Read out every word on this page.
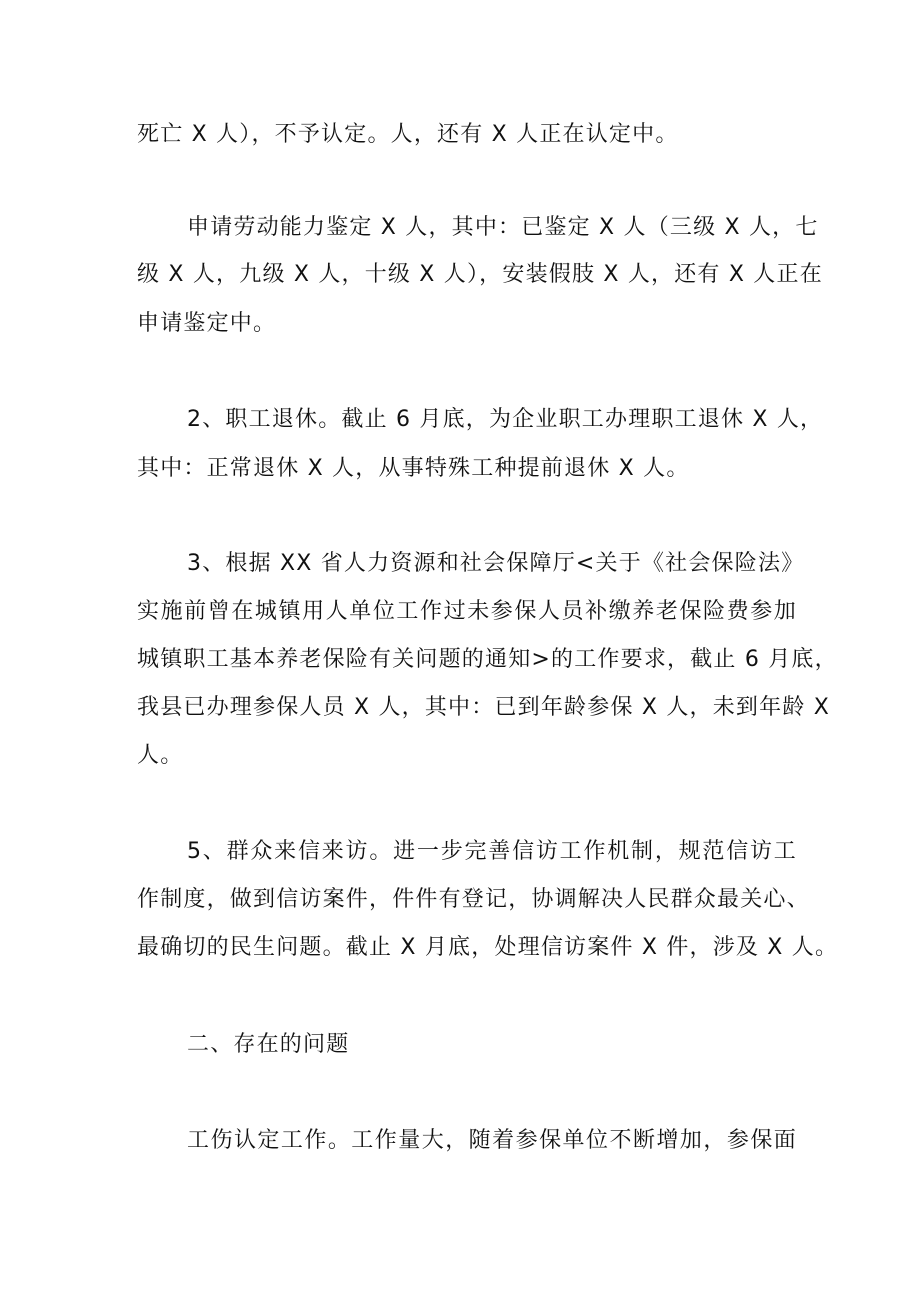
死亡 X 人），不予认定。人，还有 X 人正在认定中。
申请劳动能力鉴定 X 人，其中：已鉴定 X 人（三级 X 人，七
级 X 人，九级 X 人，十级 X 人），安装假肢 X 人，还有 X 人正在
申请鉴定中。
2、职工退休。截止 6 月底，为企业职工办理职工退休 X 人，
其中：正常退休 X 人，从事特殊工种提前退休 X 人。
3、根据 XX 省人力资源和社会保障厅<关于《社会保险法》
实施前曾在城镇用人单位工作过未参保人员补缴养老保险费参加
城镇职工基本养老保险有关问题的通知>的工作要求，截止 6 月底，
我县已办理参保人员 X 人，其中：已到年龄参保 X 人，未到年龄 X
人。
5、群众来信来访。进一步完善信访工作机制，规范信访工
作制度，做到信访案件，件件有登记，协调解决人民群众最关心、
最确切的民生问题。截止 X 月底，处理信访案件 X 件，涉及 X 人。
二、存在的问题
工伤认定工作。工作量大，随着参保单位不断增加，参保面
